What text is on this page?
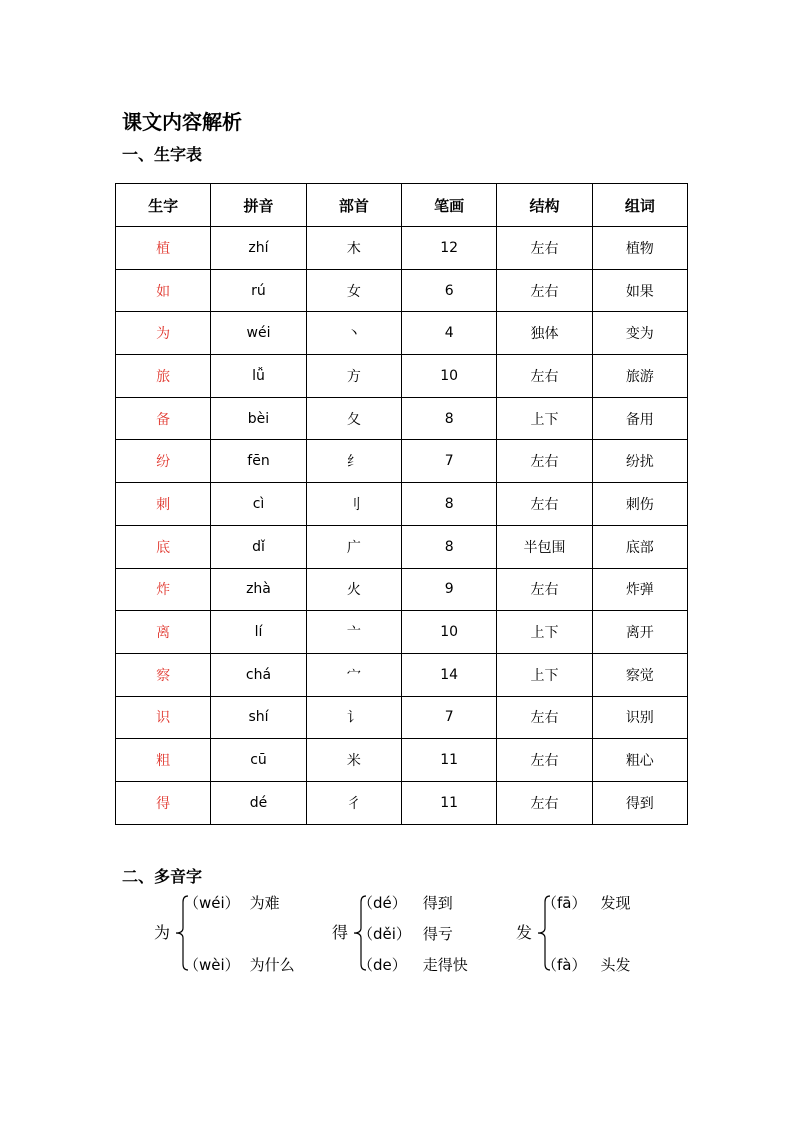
课文内容解析
一、生字表
生字	拼音	部首	笔画	结构	组词
植	zhí	木	12	左右	植物
如	rú	女	6	左右	如果
为	wéi	丶	4	独体	变为
旅	lǚ	方	10	左右	旅游
备	bèi	夂	8	上下	备用
纷	fēn	纟	7	左右	纷扰
刺	cì	刂	8	左右	刺伤
底	dǐ	广	8	半包围	底部
炸	zhà	火	9	左右	炸弹
离	lí	亠	10	上下	离开
察	chá	宀	14	上下	察觉
识	shí	讠	7	左右	识别
粗	cū	米	11	左右	粗心
得	dé	彳	11	左右	得到
二、多音字
为
（wéi） 为难
（wèi） 为什么
得
（dé） 得到
（děi） 得亏
（de） 走得快
发
（fā） 发现
（fà） 头发
